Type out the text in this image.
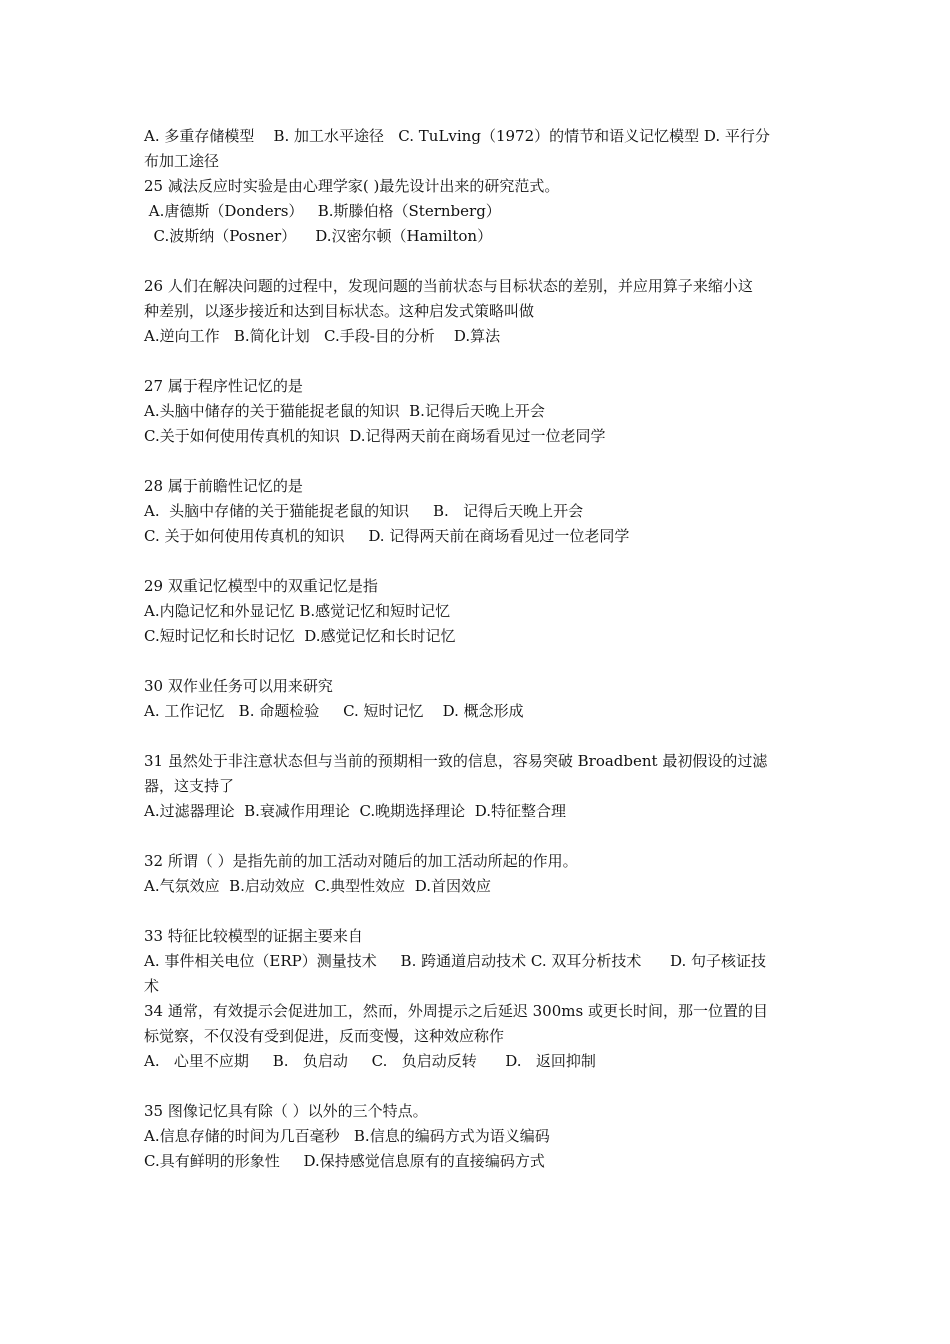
A. 多重存储模型    B. 加工水平途径   C. TuLving（1972）的情节和语义记忆模型 D. 平行分
布加工途径
25 减法反应时实验是由心理学家( )最先设计出来的研究范式。
A.唐德斯（Donders）   B.斯滕伯格（Sternberg）
C.波斯纳（Posner）    D.汉密尔顿（Hamilton）
26 人们在解决问题的过程中，发现问题的当前状态与目标状态的差别，并应用算子来缩小这
种差别，以逐步接近和达到目标状态。这种启发式策略叫做
A.逆向工作   B.简化计划   C.手段-目的分析    D.算法
27 属于程序性记忆的是
A.头脑中储存的关于猫能捉老鼠的知识  B.记得后天晚上开会
C.关于如何使用传真机的知识  D.记得两天前在商场看见过一位老同学
28 属于前瞻性记忆的是
A.  头脑中存储的关于猫能捉老鼠的知识     B.   记得后天晚上开会
C. 关于如何使用传真机的知识     D. 记得两天前在商场看见过一位老同学
29 双重记忆模型中的双重记忆是指
A.内隐记忆和外显记忆 B.感觉记忆和短时记忆
C.短时记忆和长时记忆  D.感觉记忆和长时记忆
30 双作业任务可以用来研究
A. 工作记忆   B. 命题检验     C. 短时记忆    D. 概念形成
31 虽然处于非注意状态但与当前的预期相一致的信息，容易突破 Broadbent 最初假设的过滤
器，这支持了
A.过滤器理论  B.衰减作用理论  C.晚期选择理论  D.特征整合理
32 所谓（ ）是指先前的加工活动对随后的加工活动所起的作用。
A.气氛效应  B.启动效应  C.典型性效应  D.首因效应
33 特征比较模型的证据主要来自
A. 事件相关电位（ERP）测量技术     B. 跨通道启动技术 C. 双耳分析技术      D. 句子核证技
术
34 通常，有效提示会促进加工，然而，外周提示之后延迟 300ms 或更长时间，那一位置的目
标觉察，不仅没有受到促进，反而变慢，这种效应称作
A.   心里不应期     B.   负启动     C.   负启动反转      D.   返回抑制
35 图像记忆具有除（ ）以外的三个特点。
A.信息存储的时间为几百毫秒   B.信息的编码方式为语义编码
C.具有鲜明的形象性     D.保持感觉信息原有的直接编码方式
